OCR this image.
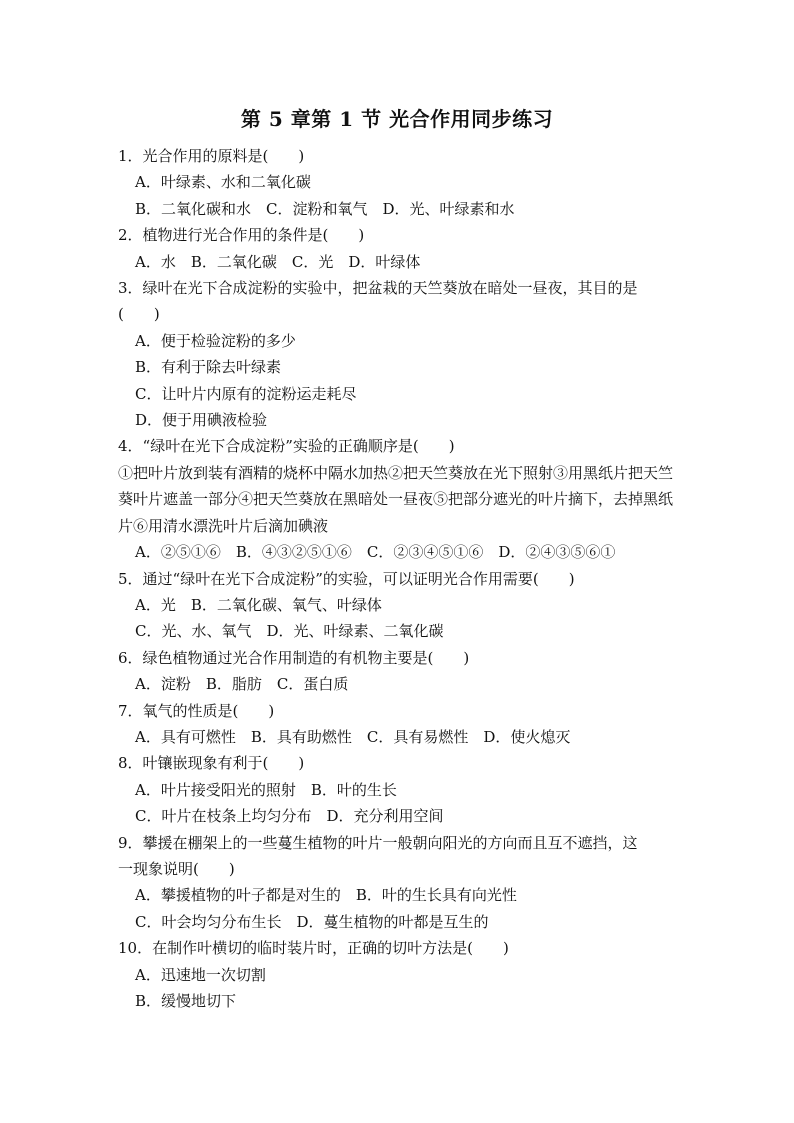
第 5 章第 1 节 光合作用同步练习
1．光合作用的原料是(　　)
A．叶绿素、水和二氧化碳
B．二氧化碳和水　C．淀粉和氧气　D．光、叶绿素和水
2．植物进行光合作用的条件是(　　)
A．水　B．二氧化碳　C．光　D．叶绿体
3．绿叶在光下合成淀粉的实验中，把盆栽的天竺葵放在暗处一昼夜，其目的是
(　　)
A．便于检验淀粉的多少
B．有利于除去叶绿素
C．让叶片内原有的淀粉运走耗尽
D．便于用碘液检验
4．“绿叶在光下合成淀粉”实验的正确顺序是(　　)
①把叶片放到装有酒精的烧杯中隔水加热②把天竺葵放在光下照射③用黑纸片把天竺葵叶片遮盖一部分④把天竺葵放在黑暗处一昼夜⑤把部分遮光的叶片摘下，去掉黑纸片⑥用清水漂洗叶片后滴加碘液
A．②⑤①⑥　B．④③②⑤①⑥　C．②③④⑤①⑥　D．②④③⑤⑥①
5．通过“绿叶在光下合成淀粉”的实验，可以证明光合作用需要(　　)
A．光　B．二氧化碳、氧气、叶绿体
C．光、水、氧气　D．光、叶绿素、二氧化碳
6．绿色植物通过光合作用制造的有机物主要是(　　)
A．淀粉　B．脂肪　C．蛋白质
7．氧气的性质是(　　)
A．具有可燃性　B．具有助燃性　C．具有易燃性　D．使火熄灭
8．叶镶嵌现象有利于(　　)
A．叶片接受阳光的照射　B．叶的生长
C．叶片在枝条上均匀分布　D．充分利用空间
9．攀援在棚架上的一些蔓生植物的叶片一般朝向阳光的方向而且互不遮挡，这
一现象说明(　　)
A．攀援植物的叶子都是对生的　B．叶的生长具有向光性
C．叶会均匀分布生长　D．蔓生植物的叶都是互生的
10．在制作叶横切的临时装片时，正确的切叶方法是(　　)
A．迅速地一次切割
B．缓慢地切下
